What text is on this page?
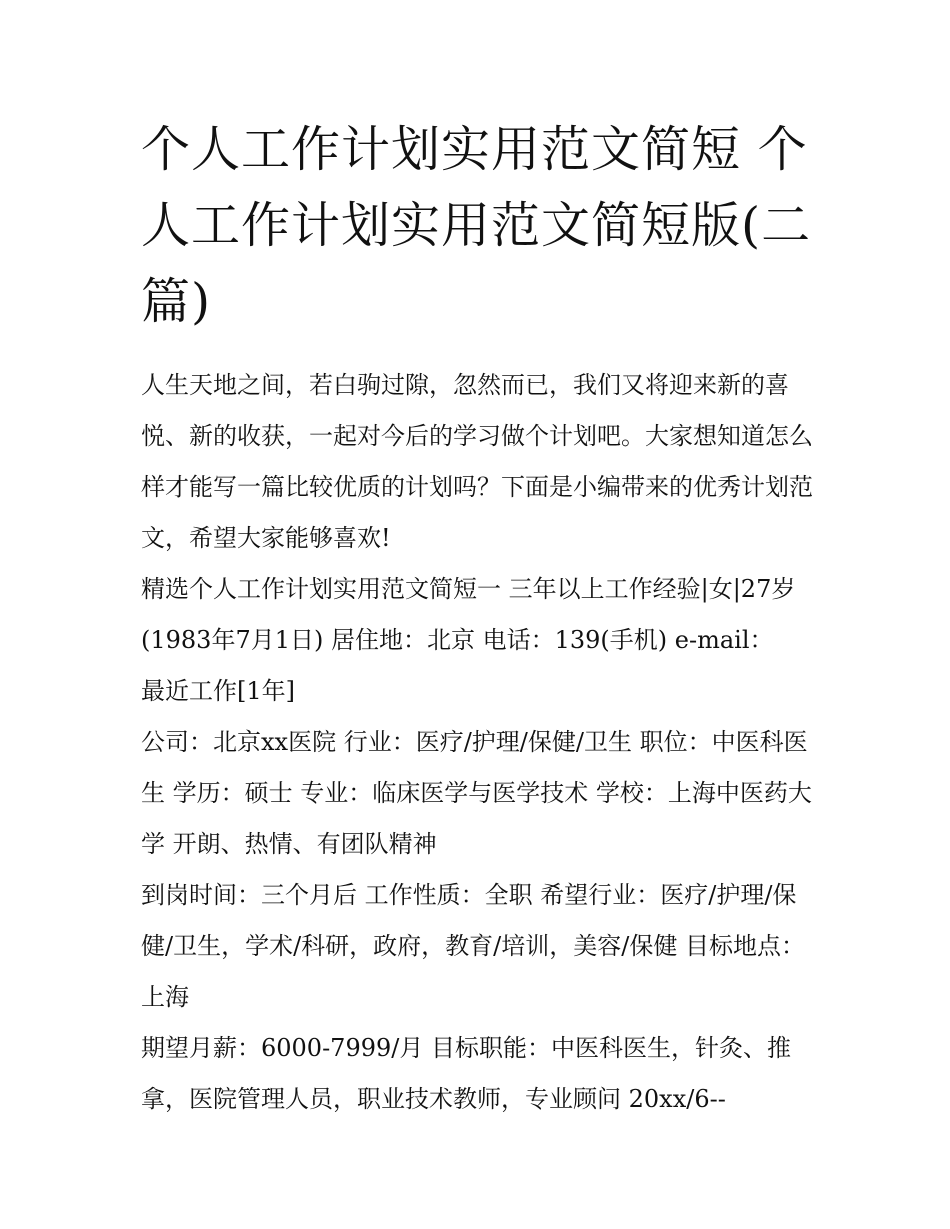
个人工作计划实用范文简短 个人工作计划实用范文简短版(二篇)

人生天地之间，若白驹过隙，忽然而已，我们又将迎来新的喜悦、新的收获，一起对今后的学习做个计划吧。大家想知道怎么样才能写一篇比较优质的计划吗？下面是小编带来的优秀计划范文，希望大家能够喜欢!

精选个人工作计划实用范文简短一 三年以上工作经验|女|27岁(1983年7月1日) 居住地：北京 电话：139(手机) e-mail：

最近工作[1年]

公司：北京xx医院 行业：医疗/护理/保健/卫生 职位：中医科医生 学历：硕士 专业：临床医学与医学技术 学校：上海中医药大学 开朗、热情、有团队精神

到岗时间：三个月后 工作性质：全职 希望行业：医疗/护理/保健/卫生，学术/科研，政府，教育/培训，美容/保健 目标地点：上海

期望月薪：6000-7999/月 目标职能：中医科医生，针灸、推拿，医院管理人员，职业技术教师，专业顾问 20xx/6--
